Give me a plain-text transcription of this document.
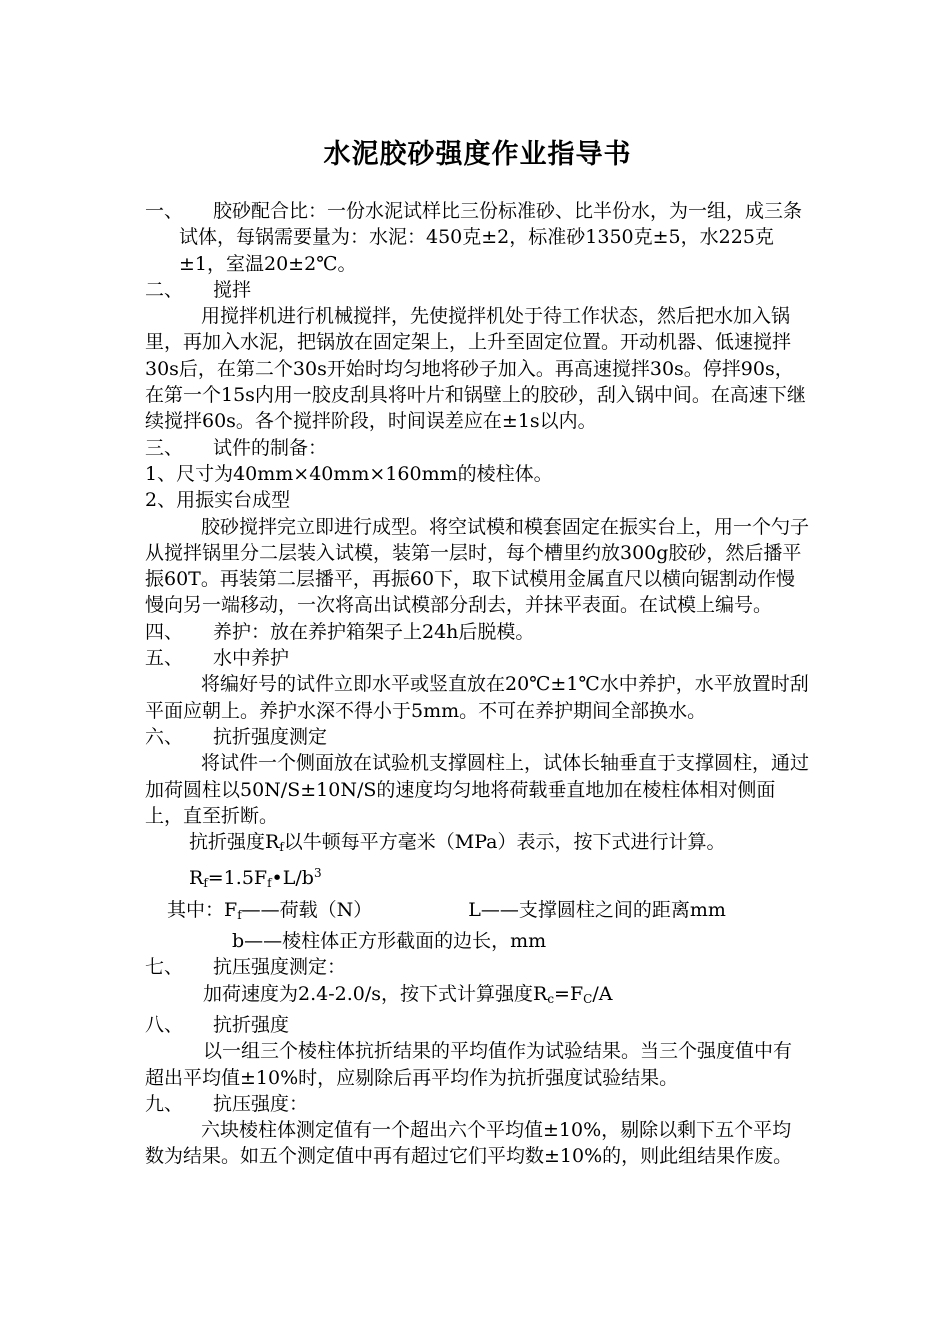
水泥胶砂强度作业指导书

一、 胶砂配合比：一份水泥试样比三份标准砂、比半份水，为一组，成三条试体，每锅需要量为：水泥：450克±2，标准砂1350克±5，水225克±1，室温20±2℃。

二、	搅拌

用搅拌机进行机械搅拌，先使搅拌机处于待工作状态，然后把水加入锅里，再加入水泥，把锅放在固定架上，上升至固定位置。开动机器、低速搅拌30s后，在第二个30s开始时均匀地将砂子加入。再高速搅拌30s。停拌90s，在第一个15s内用一胶皮刮具将叶片和锅壁上的胶砂，刮入锅中间。在高速下继续搅拌60s。各个搅拌阶段，时间误差应在±1s以内。

三、	试件的制备：

1、尺寸为40mm×40mm×160mm的棱柱体。

2、用振实台成型

胶砂搅拌完立即进行成型。将空试模和模套固定在振实台上，用一个勺子从搅拌锅里分二层装入试模，装第一层时，每个槽里约放300g胶砂，然后播平振60T。再装第二层播平，再振60下，取下试模用金属直尺以横向锯割动作慢慢向另一端移动，一次将高出试模部分刮去，并抹平表面。在试模上编号。

四、	养护：放在养护箱架子上24h后脱模。

五、	水中养护

将编好号的试件立即水平或竖直放在20℃±1℃水中养护，水平放置时刮平面应朝上。养护水深不得小于5mm。不可在养护期间全部换水。

六、	抗折强度测定

将试件一个侧面放在试验机支撑圆柱上，试体长轴垂直于支撑圆柱，通过加荷圆柱以50N/S±10N/S的速度均匀地将荷载垂直地加在棱柱体相对侧面上，直至折断。

抗折强度$R_f$以牛顿每平方毫米（MPa）表示，按下式进行计算。

$R_f=1.5F_f•L/b^3$

其中：$F_f——$荷载（N）	L——支撑圆柱之间的距离mm

b——棱柱体正方形截面的边长，mm

七、	抗压强度测定：

加荷速度为2.4-2.0/s，按下式计算强度$R_c=F_C/A$

八、	抗折强度

以一组三个棱柱体抗折结果的平均值作为试验结果。当三个强度值中有超出平均值±10%时，应剔除后再平均作为抗折强度试验结果。

九、	抗压强度：

六块棱柱体测定值有一个超出六个平均值±10%，剔除以剩下五个平均数为结果。如五个测定值中再有超过它们平均数±10%的，则此组结果作废。
